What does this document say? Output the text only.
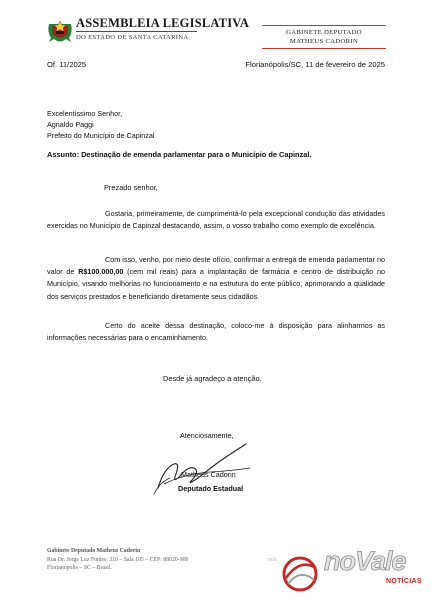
ASSEMBLEIA LEGISLATIVA
DO ESTADO DE SANTA CATARINA
GABINETE DEPUTADO
MATHEUS CADORIN
Of. 11/2025	Florianópolis/SC, 11 de fevereiro de 2025
Excelentíssimo Senhor,
Agnaldo Paggi
Prefeito do Município de Capinzal
Assunto: Destinação de emenda parlamentar para o Município de Capinzal.
Prezado senhor,

Gostaria, primeiramente, de cumprimentá-lo pela excepcional condução das atividades exercidas no Município de Capinzal destacando, assim, o vosso trabalho como exemplo de excelência.

Com isso, venho, por meio deste ofício, confirmar a entrega de emenda parlamentar no valor de R$100.000,00 (cem mil reais) para a implantação de farmácia e centro de distribuição no Município, visando melhorias no funcionamento e na estrutura do ente público, aprimorando a qualidade dos serviços prestados e beneficiando diretamente seus cidadãos.

Certo do aceite dessa destinação, coloco-me à disposição para alinharmos as informações necessárias para o encaminhamento.

Desde já agradeço a atenção.
Atenciosamente,
Matheus Cadorin
Deputado Estadual
Gabinete Deputado Matheus Cadorin
Rua Dr. Jorge Luz Fontes, 310 – Sala 105 – CEP: 88020-900
Florianópolis – SC – Brasil.
rela noVale
NOTÍCIAS
